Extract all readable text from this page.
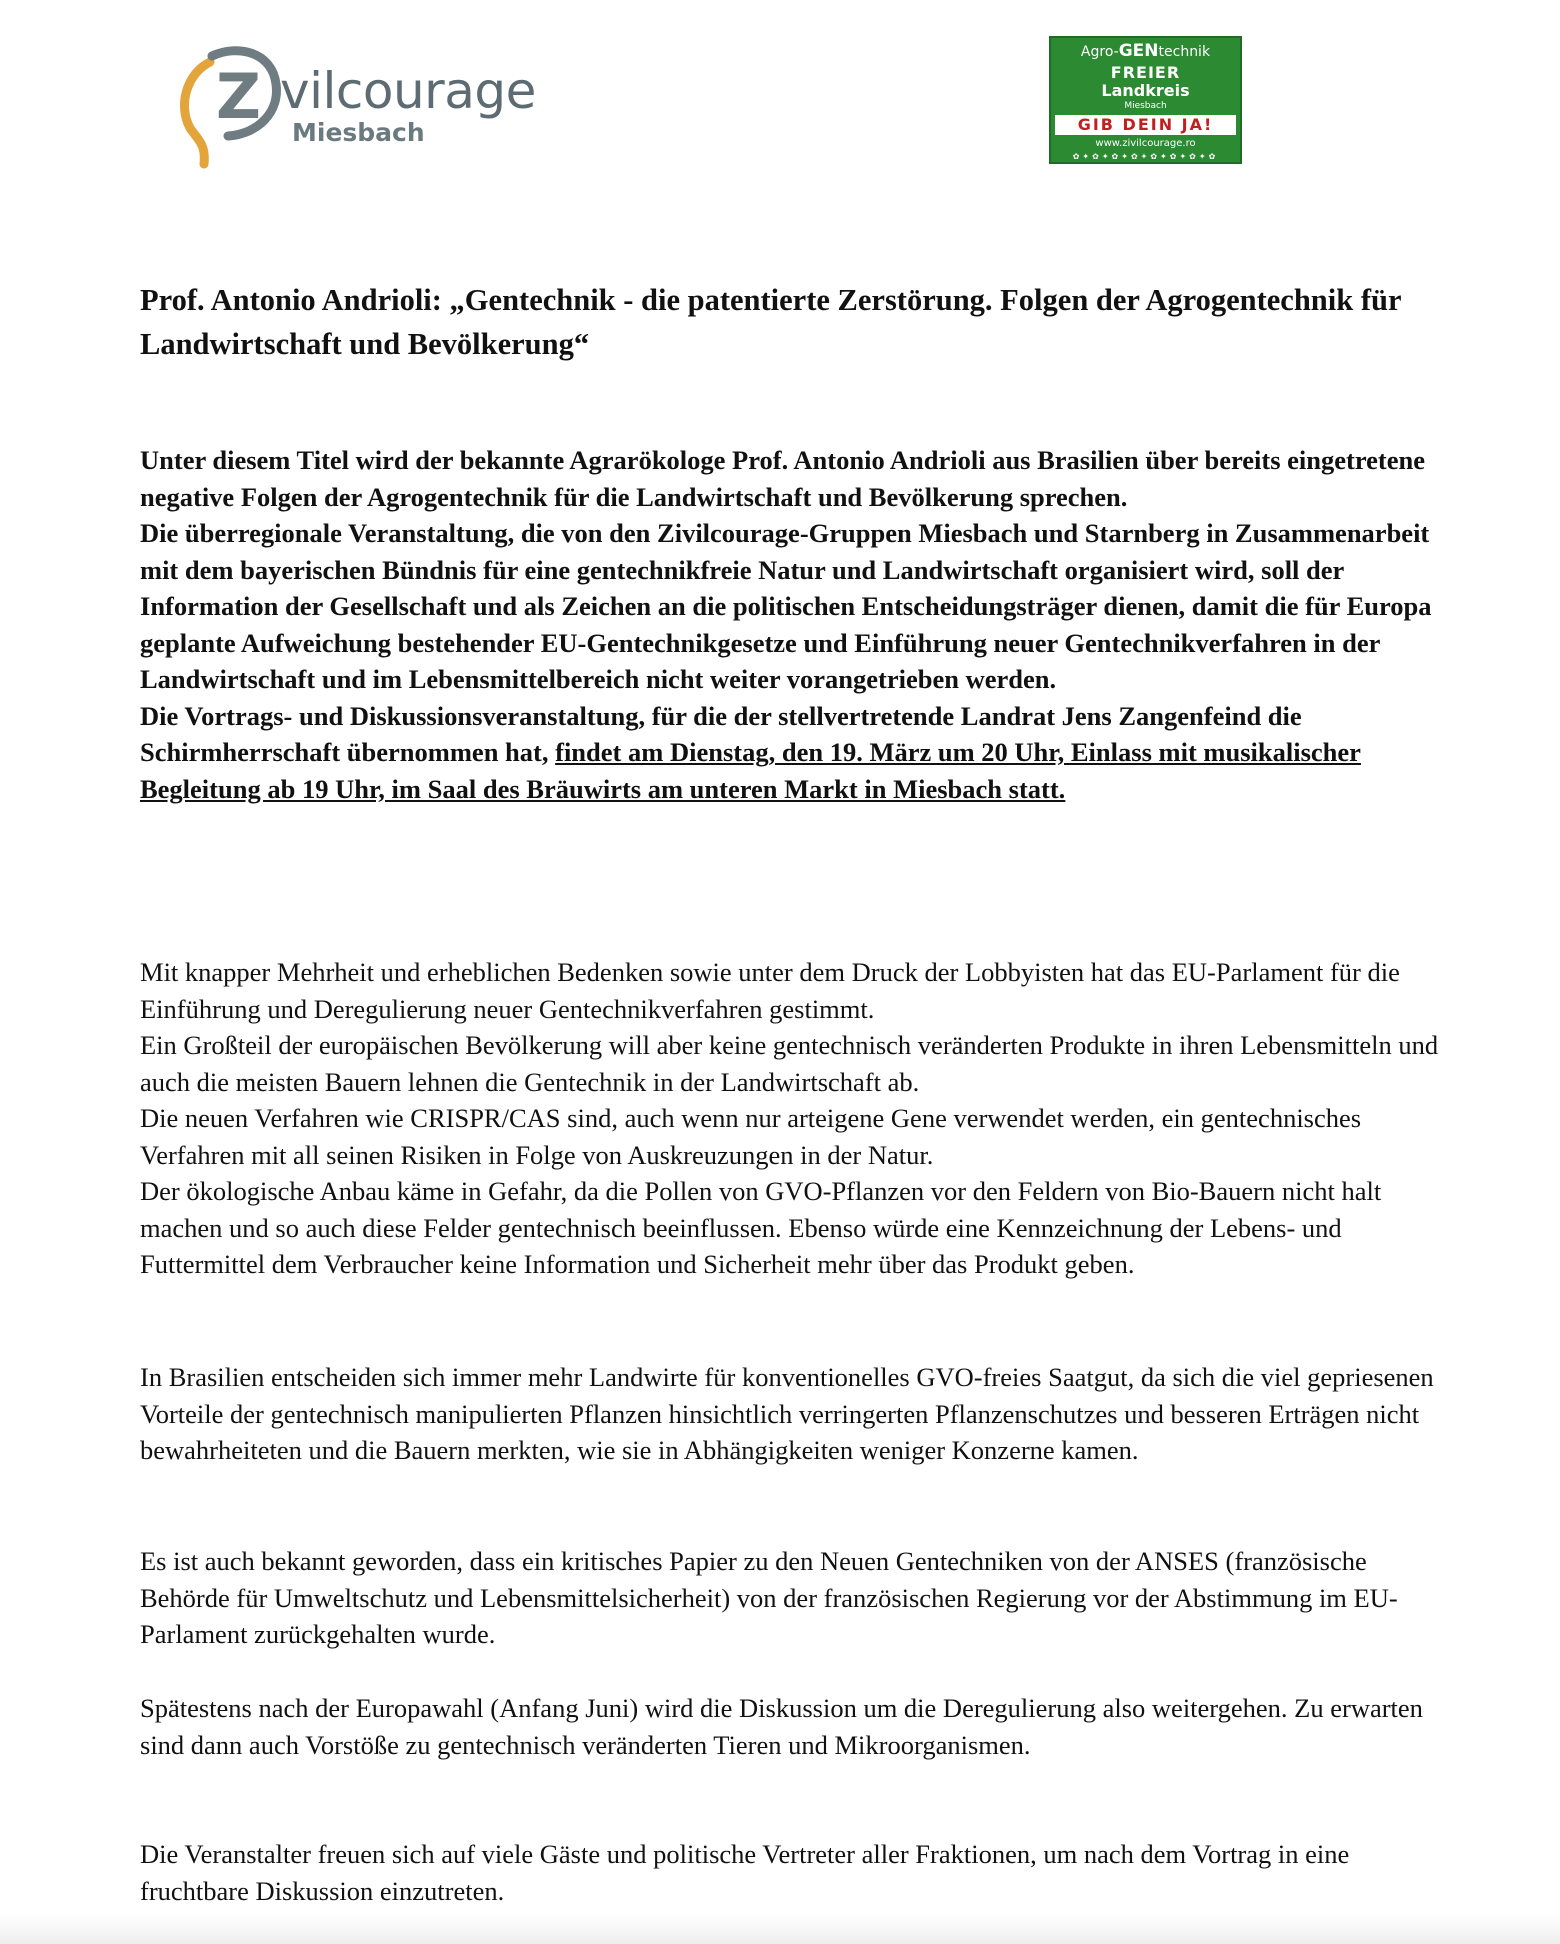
Z vilcourage
Miesbach
Agro-GENtechnik
FREIER
Landkreis
Miesbach
GIB DEIN JA!
www.zivilcourage.ro
✿✦✿✦✿✦✿✦✿✦✿✦✿✦✿
Prof. Antonio Andrioli: „Gentechnik - die patentierte Zerstörung. Folgen der Agrogentechnik für Landwirtschaft und Bevölkerung“

Unter diesem Titel wird der bekannte Agrarökologe Prof. Antonio Andrioli aus Brasilien über bereits eingetretene negative Folgen der Agrogentechnik für die Landwirtschaft und Bevölkerung sprechen.

Die überregionale Veranstaltung, die von den Zivilcourage-Gruppen Miesbach und Starnberg in Zusammenarbeit mit dem bayerischen Bündnis für eine gentechnikfreie Natur und Landwirtschaft organisiert wird, soll der Information der Gesellschaft und als Zeichen an die politischen Entscheidungsträger dienen, damit die für Europa geplante Aufweichung bestehender EU-Gentechnikgesetze und Einführung neuer Gentechnikverfahren in der Landwirtschaft und im Lebensmittelbereich nicht weiter vorangetrieben werden.

Die Vortrags- und Diskussionsveranstaltung, für die der stellvertretende Landrat Jens Zangenfeind die Schirmherrschaft übernommen hat, findet am Dienstag, den 19. März um 20 Uhr, Einlass mit musikalischer Begleitung ab 19 Uhr, im Saal des Bräuwirts am unteren Markt in Miesbach statt.

Mit knapper Mehrheit und erheblichen Bedenken sowie unter dem Druck der Lobbyisten hat das EU-Parlament für die Einführung und Deregulierung neuer Gentechnikverfahren gestimmt.
Ein Großteil der europäischen Bevölkerung will aber keine gentechnisch veränderten Produkte in ihren Lebensmitteln und auch die meisten Bauern lehnen die Gentechnik in der Landwirtschaft ab.
Die neuen Verfahren wie CRISPR/CAS sind, auch wenn nur arteigene Gene verwendet werden, ein gentechnisches Verfahren mit all seinen Risiken in Folge von Auskreuzungen in der Natur.
Der ökologische Anbau käme in Gefahr, da die Pollen von GVO-Pflanzen vor den Feldern von Bio-Bauern nicht halt machen und so auch diese Felder gentechnisch beeinflussen. Ebenso würde eine Kennzeichnung der Lebens- und Futtermittel dem Verbraucher keine Information und Sicherheit mehr über das Produkt geben.

In Brasilien entscheiden sich immer mehr Landwirte für konventionelles GVO-freies Saatgut, da sich die viel gepriesenen Vorteile der gentechnisch manipulierten Pflanzen hinsichtlich verringerten Pflanzenschutzes und besseren Erträgen nicht bewahrheiteten und die Bauern merkten, wie sie in Abhängigkeiten weniger Konzerne kamen.

Es ist auch bekannt geworden, dass ein kritisches Papier zu den Neuen Gentechniken von der ANSES (französische Behörde für Umweltschutz und Lebensmittelsicherheit) von der französischen Regierung vor der Abstimmung im EU-Parlament zurückgehalten wurde.

Spätestens nach der Europawahl (Anfang Juni) wird die Diskussion um die Deregulierung also weitergehen. Zu erwarten sind dann auch Vorstöße zu gentechnisch veränderten Tieren und Mikroorganismen.

Die Veranstalter freuen sich auf viele Gäste und politische Vertreter aller Fraktionen, um nach dem Vortrag in eine fruchtbare Diskussion einzutreten.
